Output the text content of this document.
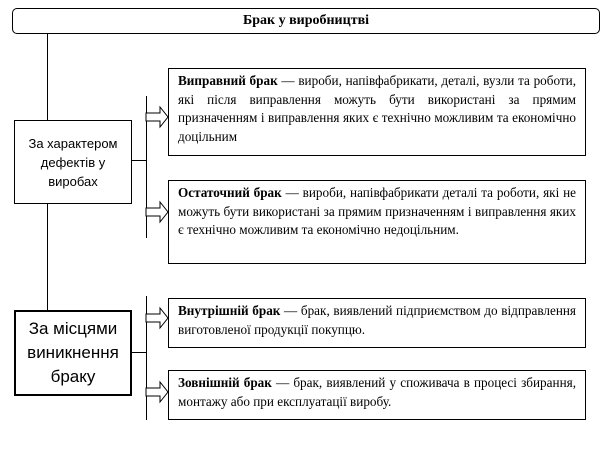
Брак у виробництві
За характером дефектів у виробах
За місцями виникнення браку
Виправний брак — вироби, напівфабрикати, деталі, вузли та роботи, які після виправлення можуть бути використані за прямим призначенням і виправлення яких є технічно можливим та економічно доцільним
Остаточний брак — вироби, напівфабрикати деталі та роботи, які не можуть бути використані за прямим призначенням і виправлення яких є технічно можливим та економічно недоцільним.
Внутрішній брак — брак, виявлений підприємством до відправлення виготовленої продукції покупцю.
Зовнішній брак — брак, виявлений у споживача в процесі збирання, монтажу або при експлуатації виробу.
